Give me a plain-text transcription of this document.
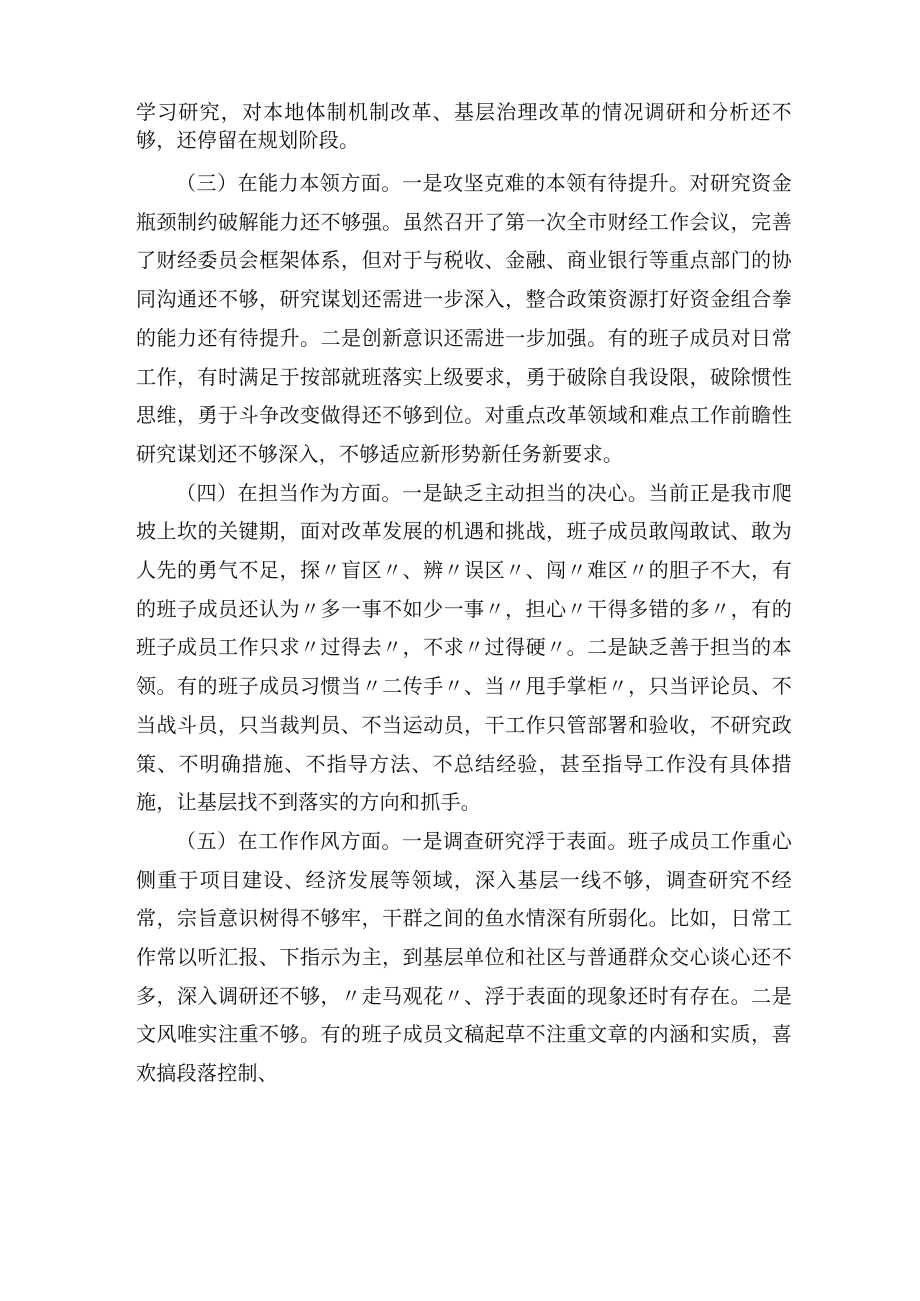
学习研究，对本地体制机制改革、基层治理改革的情况调研和分析还不够，还停留在规划阶段。

（三）在能力本领方面。一是攻坚克难的本领有待提升。对研究资金瓶颈制约破解能力还不够强。虽然召开了第一次全市财经工作会议，完善了财经委员会框架体系，但对于与税收、金融、商业银行等重点部门的协同沟通还不够，研究谋划还需进一步深入，整合政策资源打好资金组合拳的能力还有待提升。二是创新意识还需进一步加强。有的班子成员对日常工作，有时满足于按部就班落实上级要求，勇于破除自我设限，破除惯性思维，勇于斗争改变做得还不够到位。对重点改革领域和难点工作前瞻性研究谋划还不够深入，不够适应新形势新任务新要求。

（四）在担当作为方面。一是缺乏主动担当的决心。当前正是我市爬坡上坎的关键期，面对改革发展的机遇和挑战，班子成员敢闯敢试、敢为人先的勇气不足，探〃盲区〃、辨〃误区〃、闯〃难区〃的胆子不大，有的班子成员还认为〃多一事不如少一事〃，担心〃干得多错的多〃，有的班子成员工作只求〃过得去〃，不求〃过得硬〃。二是缺乏善于担当的本领。有的班子成员习惯当〃二传手〃、当〃甩手掌柜〃，只当评论员、不当战斗员，只当裁判员、不当运动员，干工作只管部署和验收，不研究政策、不明确措施、不指导方法、不总结经验，甚至指导工作没有具体措施，让基层找不到落实的方向和抓手。

（五）在工作作风方面。一是调查研究浮于表面。班子成员工作重心侧重于项目建设、经济发展等领域，深入基层一线不够，调查研究不经常，宗旨意识树得不够牢，干群之间的鱼水情深有所弱化。比如，日常工作常以听汇报、下指示为主，到基层单位和社区与普通群众交心谈心还不多，深入调研还不够，〃走马观花〃、浮于表面的现象还时有存在。二是文风唯实注重不够。有的班子成员文稿起草不注重文章的内涵和实质，喜欢搞段落控制、
